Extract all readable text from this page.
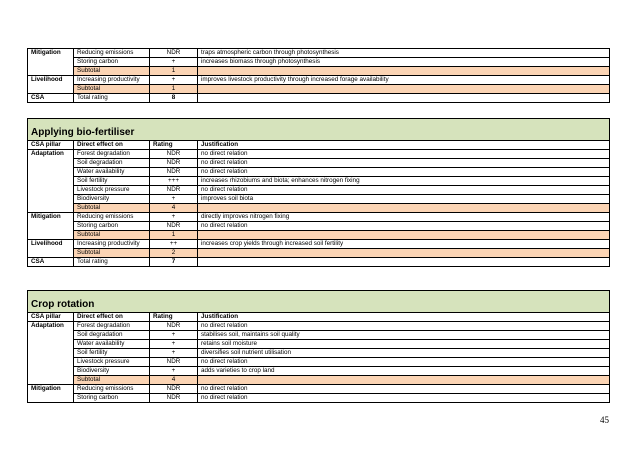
Mitigation	Reducing emissions	NDR	traps atmospheric carbon through photosynthesis
	Storing carbon	+	increases biomass through photosynthesis
	Subtotal	1	
Livelihood	Increasing productivity	+	improves livestock productivity through increased forage availability
	Subtotal	1	
CSA	Total rating	8	
Applying bio-fertiliser			
CSA pillar	Direct effect on	Rating	Justification
Adaptation	Forest degradation	NDR	no direct relation
	Soil degradation	NDR	no direct relation
	Water availability	NDR	no direct relation
	Soil fertility	+++	increases rhizobiums and biota; enhances nitrogen fixing
	Livestock pressure	NDR	no direct relation
	Biodiversity	+	improves soil biota
	Subtotal	4	
Mitigation	Reducing emissions	+	directly improves nitrogen fixing
	Storing carbon	NDR	no direct relation
	Subtotal	1	
Livelihood	Increasing productivity	++	increases crop yields through increased soil fertility
	Subtotal	2	
CSA	Total rating	7	
Crop rotation			
CSA pillar	Direct effect on	Rating	Justification
Adaptation	Forest degradation	NDR	no direct relation
	Soil degradation	+	stabilises soil, maintains soil quality
	Water availability	+	retains soil moisture
	Soil fertility	+	diversifies soil nutrient utilisation
	Livestock pressure	NDR	no direct relation
	Biodiversity	+	adds varieties to crop land
	Subtotal	4	
Mitigation	Reducing emissions	NDR	no direct relation
	Storing carbon	NDR	no direct relation
45
